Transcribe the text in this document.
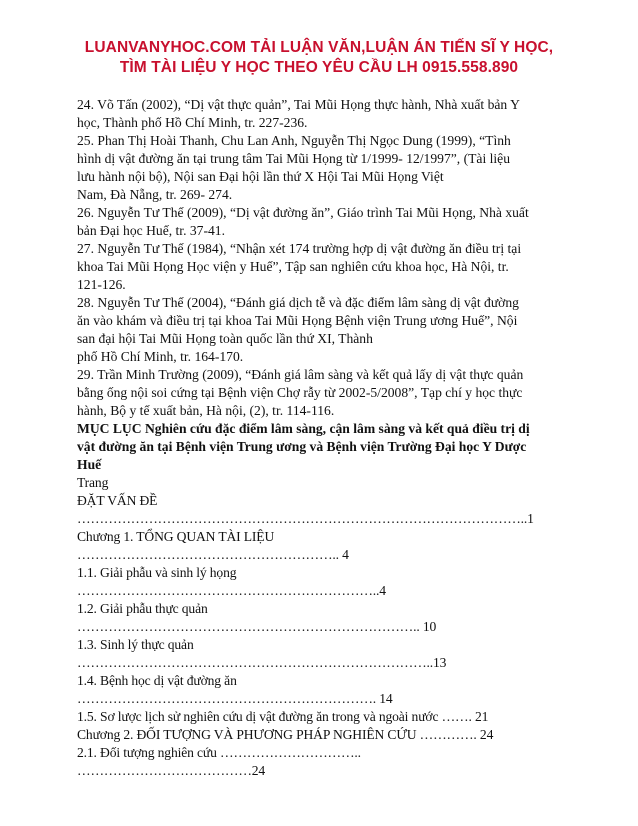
LUANVANYHOC.COM TẢI LUẬN VĂN,LUẬN ÁN TIẾN SĨ Y HỌC,
TÌM TÀI LIỆU Y HỌC THEO YÊU CẦU LH 0915.558.890
24. Võ Tấn (2002), “Dị vật thực quản”, Tai Mũi Họng thực hành, Nhà xuất bản Y
học, Thành phố Hồ Chí Minh, tr. 227-236.
25. Phan Thị Hoài Thanh, Chu Lan Anh, Nguyễn Thị Ngọc Dung (1999), “Tình
hình dị vật đường ăn tại trung tâm Tai Mũi Họng từ 1/1999- 12/1997”, (Tài liệu
lưu hành nội bộ), Nội san Đại hội lần thứ X Hội Tai Mũi Họng Việt
Nam, Đà Nẵng, tr. 269- 274.
26. Nguyễn Tư Thế (2009), “Dị vật đường ăn”, Giáo trình Tai Mũi Họng, Nhà xuất
bản Đại học Huế, tr. 37-41.
27. Nguyễn Tư Thế (1984), “Nhận xét 174 trường hợp dị vật đường ăn điều trị tại
khoa Tai Mũi Họng Học viện y Huế”, Tập san nghiên cứu khoa học, Hà Nội, tr.
121-126.
28. Nguyễn Tư Thế (2004), “Đánh giá dịch tễ và đặc điểm lâm sàng dị vật đường
ăn vào khám và điều trị tại khoa Tai Mũi Họng Bệnh viện Trung ương Huế”, Nội
san đại hội Tai Mũi Họng toàn quốc lần thứ XI, Thành
phố Hồ Chí Minh, tr. 164-170.
29. Trần Minh Trường (2009), “Đánh giá lâm sàng và kết quả lấy dị vật thực quản
bằng ống nội soi cứng tại Bệnh viện Chợ rẫy từ 2002-5/2008”, Tạp chí y học thực
hành, Bộ y tế xuất bản, Hà nội, (2), tr. 114-116.
MỤC LỤC Nghiên cứu đặc điểm lâm sàng, cận lâm sàng và kết quả điều trị dị
vật đường ăn tại Bệnh viện Trung ương và Bệnh viện Trường Đại học Y Dược
Huế
Trang
ĐẶT VẤN ĐỀ
………………………………………………………………………………………..1
Chương 1. TỔNG QUAN TÀI LIỆU
………………………………………………….. 4
1.1. Giải phẫu và sinh lý họng
…………………………………………………………..4
1.2. Giải phẫu thực quản
………………………………………………………………….. 10
1.3. Sinh lý thực quản
……………………………………………………………………..13
1.4. Bệnh học dị vật đường ăn
…………………………………………………………. 14
1.5. Sơ lược lịch sử nghiên cứu dị vật đường ăn trong và ngoài nước ……. 21
Chương 2. ĐỐI TƯỢNG VÀ PHƯƠNG PHÁP NGHIÊN CỨU …………. 24
2.1. Đối tượng nghiên cứu …………………………..
…………………………………24
